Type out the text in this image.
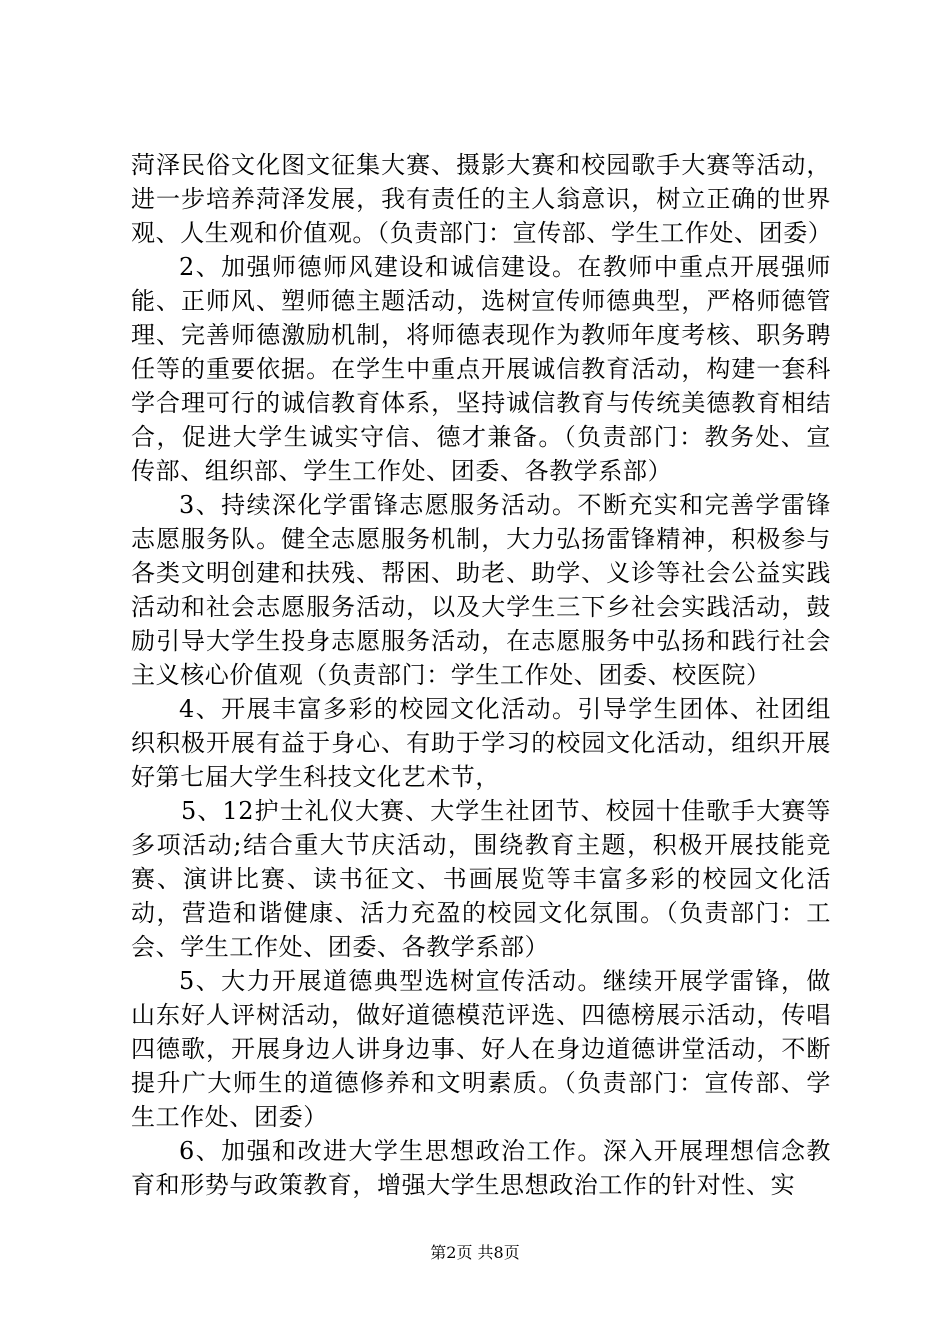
菏泽民俗文化图文征集大赛、摄影大赛和校园歌手大赛等活动，进一步培养菏泽发展，我有责任的主人翁意识，树立正确的世界观、人生观和价值观。（负责部门：宣传部、学生工作处、团委）

2、加强师德师风建设和诚信建设。在教师中重点开展强师能、正师风、塑师德主题活动，选树宣传师德典型，严格师德管理、完善师德激励机制，将师德表现作为教师年度考核、职务聘任等的重要依据。在学生中重点开展诚信教育活动，构建一套科学合理可行的诚信教育体系，坚持诚信教育与传统美德教育相结合，促进大学生诚实守信、德才兼备。（负责部门：教务处、宣传部、组织部、学生工作处、团委、各教学系部）

3、持续深化学雷锋志愿服务活动。不断充实和完善学雷锋志愿服务队。健全志愿服务机制，大力弘扬雷锋精神，积极参与各类文明创建和扶残、帮困、助老、助学、义诊等社会公益实践活动和社会志愿服务活动，以及大学生三下乡社会实践活动，鼓励引导大学生投身志愿服务活动，在志愿服务中弘扬和践行社会主义核心价值观（负责部门：学生工作处、团委、校医院）

4、开展丰富多彩的校园文化活动。引导学生团体、社团组织积极开展有益于身心、有助于学习的校园文化活动，组织开展好第七届大学生科技文化艺术节，

5、12护士礼仪大赛、大学生社团节、校园十佳歌手大赛等多项活动;结合重大节庆活动，围绕教育主题，积极开展技能竞赛、演讲比赛、读书征文、书画展览等丰富多彩的校园文化活动，营造和谐健康、活力充盈的校园文化氛围。（负责部门：工会、学生工作处、团委、各教学系部）

5、大力开展道德典型选树宣传活动。继续开展学雷锋，做山东好人评树活动，做好道德模范评选、四德榜展示活动，传唱四德歌，开展身边人讲身边事、好人在身边道德讲堂活动，不断提升广大师生的道德修养和文明素质。（负责部门：宣传部、学生工作处、团委）

6、加强和改进大学生思想政治工作。深入开展理想信念教育和形势与政策教育，增强大学生思想政治工作的针对性、实

第2页 共8页
